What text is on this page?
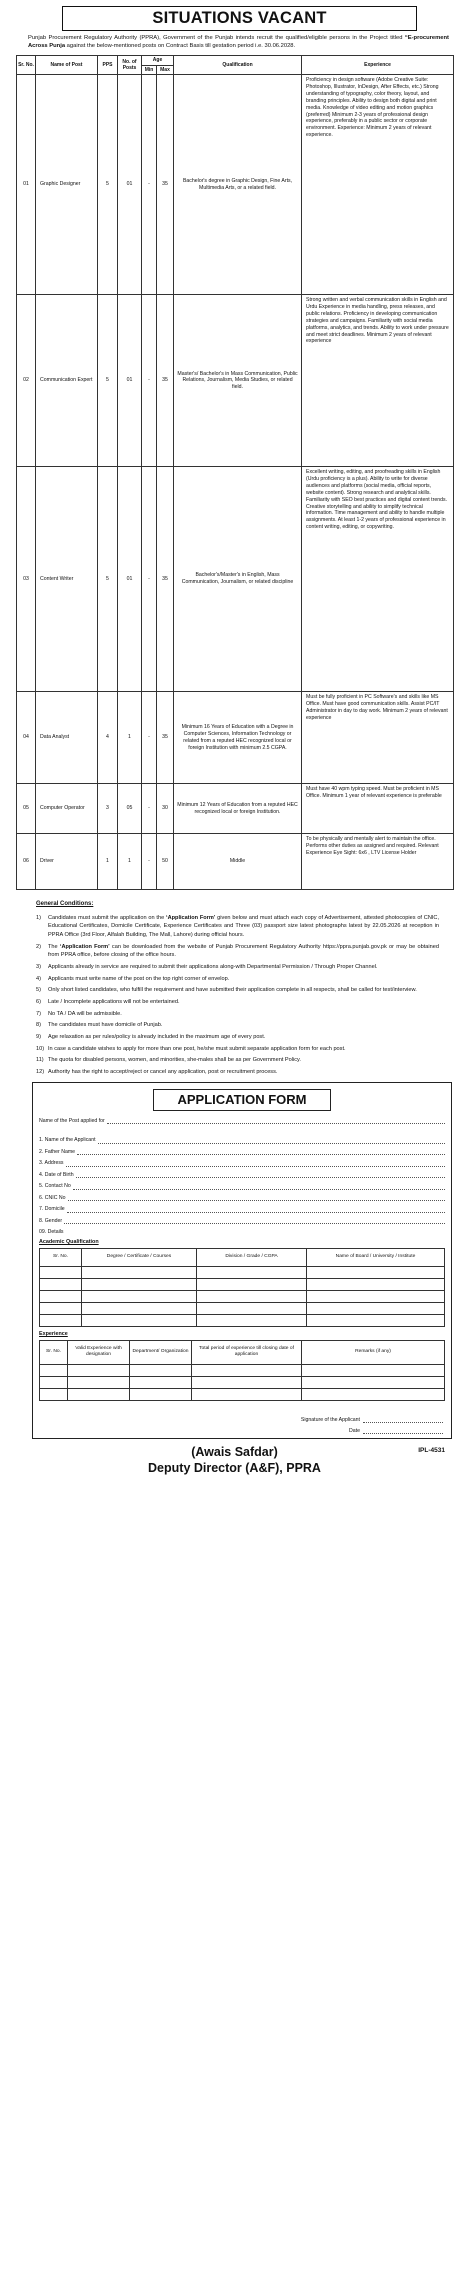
SITUATIONS VACANT

Punjab Procurement Regulatory Authority (PPRA), Government of the Punjab intends recruit the qualified/eligible persons in the Project titled “E-procurement Across Punja against the below-mentioned posts on Contract Basis till gestation period i.e. 30.06.2028.

Sr. No.	Name of Post	PPS	No. of Posts	Age		Qualification	Experience
				Min	Max		
01	Graphic Designer	5	01	-	35	Bachelor's degree in Graphic Design, Fine Arts, Multimedia Arts, or a related field.	Proficiency in design software (Adobe Creative Suite: Photoshop, Illustrator, InDesign, After Effects, etc.) Strong understanding of typography, color theory, layout, and branding principles. Ability to design both digital and print media. Knowledge of video editing and motion graphics (preferred) Minimum 2-3 years of professional design experience, preferably in a public sector or corporate environment. Experience: Minimum 2 years of relevant experience.
02	Communication Expert	5	01	-	35	Master's/ Bachelor's in Mass Communication, Public Relations, Journalism, Media Studies, or related field.	Strong written and verbal communication skills in English and Urdu Experience in media handling, press releases, and public relations. Proficiency in developing communication strategies and campaigns. Familiarity with social media platforms, analytics, and trends. Ability to work under pressure and meet strict deadlines. Minimum 2 years of relevant experience
03	Content Writer	5	01	-	35	Bachelor's/Master's in English, Mass Communication, Journalism, or related discipline	Excellent writing, editing, and proofreading skills in English (Urdu proficiency is a plus). Ability to write for diverse audiences and platforms (social media, official reports, website content). Strong research and analytical skills. Familiarity with SEO best practices and digital content trends. Creative storytelling and ability to simplify technical information. Time management and ability to handle multiple assignments. At least 1-2 years of professional experience in content writing, editing, or copywriting.
04	Data Analyst	4	1	-	35	Minimum 16 Years of Education with a Degree in Computer Sciences, Information Technology or related from a reputed HEC recognized local or foreign Institution with minimum 2.5 CGPA.	Must be fully proficient in PC Software's and skills like MS Office. Must have good communication skills. Assist PC/IT Administrator in day to day work. Minimum 2 years of relevant experience
05	Computer Operator	3	05	-	30	Minimum 12 Years of Education from a reputed HEC recognized local or foreign Institution.	Must have 40 wpm typing speed. Must be proficient in MS Office. Minimum 1 year of relevant experience is preferable
06	Driver	1	1	-	50	Middle	To be physically and mentally alert to maintain the office. Performs other duties as assigned and required. Relevant Experience Eye Sight: 6x6 , LTV License Holder
General Conditions:
1)	Candidates must submit the application on the ‘Application Form’ given below and must attach each copy of Advertisement, attested photocopies of CNIC, Educational Certificates, Domicile Certificate, Experience Certificates and Three (03) passport size latest photographs latest by 22.05.2026 at reception in PPRA Office (3rd Floor, Alfalah Building, The Mall, Lahore) during official hours.
2)	The ‘Application Form’ can be downloaded from the website of Punjab Procurement Regulatory Authority https://ppra.punjab.gov.pk or may be obtained from PPRA office, before closing of the office hours.
3)	Applicants already in service are required to submit their applications along-with Departmental Permission / Through Proper Channel.
4)	Applicants must write name of the post on the top right corner of envelop.
5)	Only short listed candidates, who fulfill the requirement and have submitted their application complete in all respects, shall be called for test/interview.
6)	Late / Incomplete applications will not be entertained.
7)	No TA / DA will be admissible.
8)	The candidates must have domicile of Punjab.
9)	Age relaxation as per rules/policy is already included in the maximum age of every post.
10) In case a candidate wishes to apply for more than one post, he/she must submit separate application form for each post.
11) The quota for disabled persons, women, and minorities, she-males shall be as per Government Policy.
12) Authority has the right to accept/reject or cancel any application, post or recruitment process.
APPLICATION FORM
Name of the Post applied for
1. Name of the Applicant
2. Father Name
3. Address
4. Date of Birth
5. Contact No
6. CNIC No
7. Domicile
8. Gender
09. Details
Academic Qualification
Sr. No.	Degree / Certificate / Courses	Division / Grade / CGPA	Name of Board / University / Institute

Experience
Sr. No.	Valid Experience with designation	Department/ Organization	Total period of experience till closing date of application	Remarks (if any)

Signature of the Applicant
Date
(Awais Safdar)
Deputy Director (A&F), PPRA
IPL-4531
